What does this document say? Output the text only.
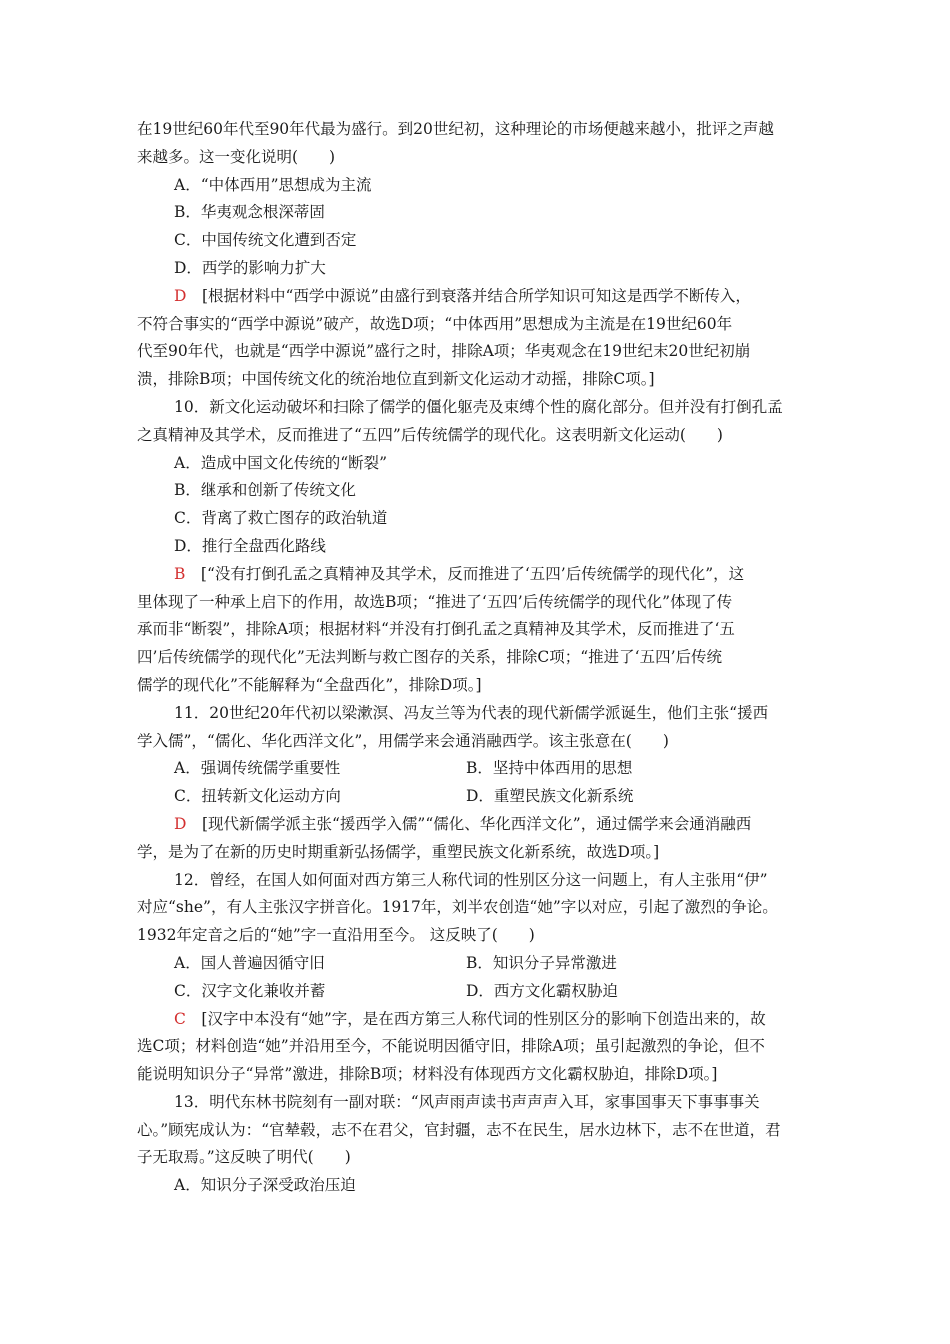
在19世纪60年代至90年代最为盛行。到20世纪初，这种理论的市场便越来越小，批评之声越
来越多。这一变化说明(　　)
A．“中体西用”思想成为主流
B．华夷观念根深蒂固
C．中国传统文化遭到否定
D．西学的影响力扩大
D　 [根据材料中“西学中源说”由盛行到衰落并结合所学知识可知这是西学不断传入，
不符合事实的“西学中源说”破产，故选D项；“中体西用”思想成为主流是在19世纪60年
代至90年代，也就是“西学中源说”盛行之时，排除A项；华夷观念在19世纪末20世纪初崩
溃，排除B项；中国传统文化的统治地位直到新文化运动才动摇，排除C项。]
10．新文化运动破坏和扫除了儒学的僵化躯壳及束缚个性的腐化部分。但并没有打倒孔孟
之真精神及其学术，反而推进了“五四”后传统儒学的现代化。这表明新文化运动(　　)
A．造成中国文化传统的“断裂”
B．继承和创新了传统文化
C．背离了救亡图存的政治轨道
D．推行全盘西化路线
B　 [“没有打倒孔孟之真精神及其学术，反而推进了‘五四’后传统儒学的现代化”，这
里体现了一种承上启下的作用，故选B项；“推进了‘五四’后传统儒学的现代化”体现了传
承而非“断裂”，排除A项；根据材料“并没有打倒孔孟之真精神及其学术，反而推进了‘五
四’后传统儒学的现代化”无法判断与救亡图存的关系，排除C项；“推进了‘五四’后传统
儒学的现代化”不能解释为“全盘西化”，排除D项。]
11．20世纪20年代初以梁漱溟、冯友兰等为代表的现代新儒学派诞生，他们主张“援西
学入儒”，“儒化、华化西洋文化”，用儒学来会通消融西学。该主张意在(　　)
A．强调传统儒学重要性	B．坚持中体西用的思想
C．扭转新文化运动方向	D．重塑民族文化新系统
D　 [现代新儒学派主张“援西学入儒”“儒化、华化西洋文化”，通过儒学来会通消融西
学，是为了在新的历史时期重新弘扬儒学，重塑民族文化新系统，故选D项。]
12．曾经，在国人如何面对西方第三人称代词的性别区分这一问题上，有人主张用“伊”
对应“she”，有人主张汉字拼音化。1917年，刘半农创造“她”字以对应，引起了激烈的争论。
1932年定音之后的“她”字一直沿用至今。 这反映了(　　)
A．国人普遍因循守旧	B．知识分子异常激进
C．汉字文化兼收并蓄	D．西方文化霸权胁迫
C　 [汉字中本没有“她”字，是在西方第三人称代词的性别区分的影响下创造出来的，故
选C项；材料创造“她”并沿用至今，不能说明因循守旧，排除A项；虽引起激烈的争论，但不
能说明知识分子“异常”激进，排除B项；材料没有体现西方文化霸权胁迫，排除D项。]
13．明代东林书院刻有一副对联：“风声雨声读书声声声入耳，家事国事天下事事事关
心。”顾宪成认为：“官辇毂，志不在君父，官封疆，志不在民生，居水边林下，志不在世道，君
子无取焉。”这反映了明代(　　)
A．知识分子深受政治压迫
